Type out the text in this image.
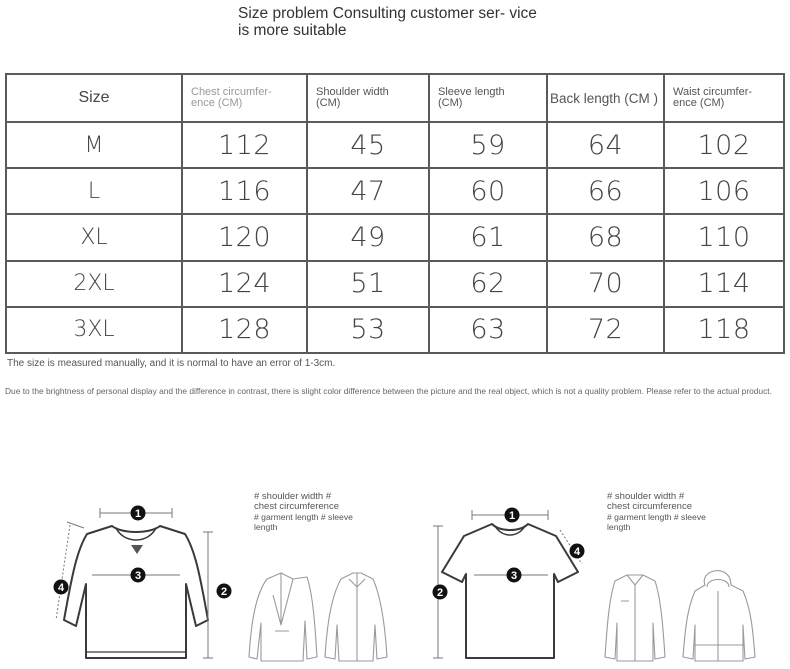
Size problem Consulting customer ser- vice is more suitable
Size	Chest circumfer- ence (CM)	Shoulder width (CM)	Sleeve length (CM)	Back length (CM )	Waist circumfer- ence (CM)

M	112	45	59	64	102
L	116	47	60	66	106
XL	120	49	61	68	110
2XL	124	51	62	70	114
3XL	128	53	63	72	118
The size is measured manually, and it is normal to have an error of 1-3cm.
Due to the brightness of personal display and the difference in contrast, there is slight color difference between the picture and the real object, which is not a quality problem. Please refer to the actual product.
1
3
2
4
# shoulder width #
chest circumference
# garment length # sleeve
length
1
3
2
4
# shoulder width #
chest circumference
# garment length # sleeve
length
